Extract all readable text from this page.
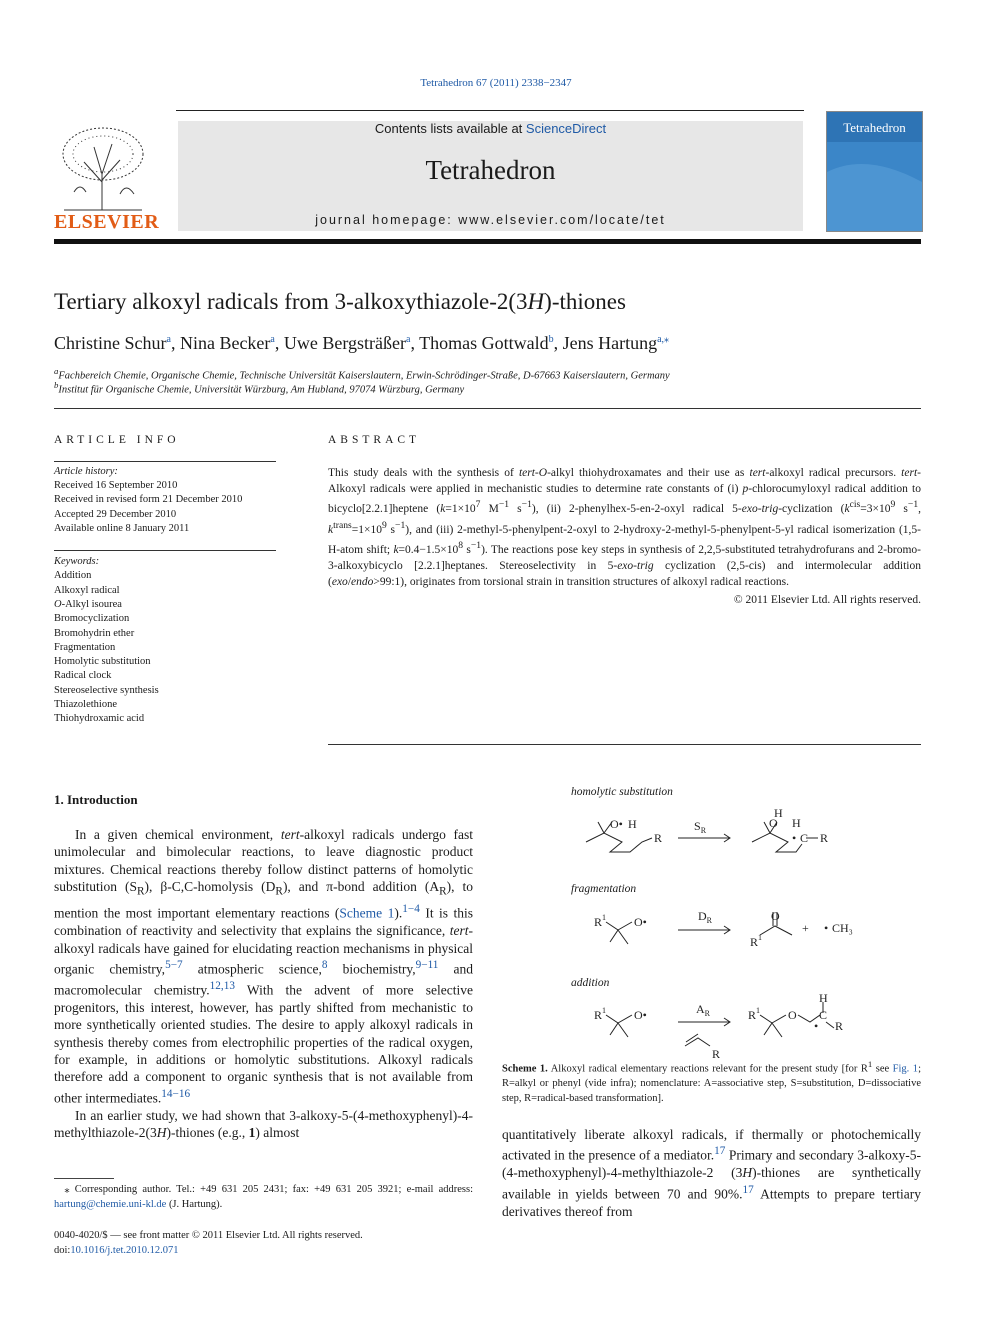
Tetrahedron 67 (2011) 2338−2347
ELSEVIER
Contents lists available at ScienceDirect
Tetrahedron
journal homepage: www.elsevier.com/locate/tet
Tetrahedron
Tertiary alkoxyl radicals from 3-alkoxythiazole-2(3H)-thiones
Christine Schur$^a$, Nina Becker$^a$, Uwe Bergsträßer$^a$, Thomas Gottwald$^b$, Jens Hartung$^{a,⁎}$
$^a$Fachbereich Chemie, Organische Chemie, Technische Universität Kaiserslautern, Erwin-Schrödinger-Straße, D-67663 Kaiserslautern, Germany
$^b$Institut für Organische Chemie, Universität Würzburg, Am Hubland, 97074 Würzburg, Germany
ARTICLE INFO
Article history:
Received 16 September 2010
Received in revised form 21 December 2010
Accepted 29 December 2010
Available online 8 January 2011
Keywords:
Addition
Alkoxyl radical
O-Alkyl isourea
Bromocyclization
Bromohydrin ether
Fragmentation
Homolytic substitution
Radical clock
Stereoselective synthesis
Thiazolethione
Thiohydroxamic acid
ABSTRACT
This study deals with the synthesis of tert-O-alkyl thiohydroxamates and their use as tert-alkoxyl radical precursors. tert-Alkoxyl radicals were applied in mechanistic studies to determine rate constants of (i) p-chlorocumyloxyl radical addition to bicyclo[2.2.1]heptene ($k=1\times 10^7$ $M^{-1}$ $s^{-1}$), (ii) 2-phenylhex-5-en-2-oxyl radical 5-exo-trig-cyclization ($k^{cis}=3\times 10^9$ $s^{-1}$, $k^{trans}=1\times 10^9$ $s^{-1}$), and (iii) 2-methyl-5-phenylpent-2-oxyl to 2-hydroxy-2-methyl-5-phenylpent-5-yl radical isomerization (1,5-H-atom shift; $k=0.4-1.5\times 10^8$ $s^{-1}$). The reactions pose key steps in synthesis of 2,2,5-substituted tetrahydrofurans and 2-bromo-3-alkoxybicyclo [2.2.1]heptanes. Stereoselectivity in 5-exo-trig cyclization (2,5-cis) and intermolecular addition (exo/endo>99:1), originates from torsional strain in transition structures of alkoxyl radical reactions.
© 2011 Elsevier Ltd. All rights reserved.
1. Introduction

In a given chemical environment, tert-alkoxyl radicals undergo fast unimolecular and bimolecular reactions, to leave diagnostic product mixtures. Chemical reactions thereby follow distinct patterns of homolytic substitution $(S_R)$, β-C,C-homolysis $(D_R)$, and π-bond addition $(A_R)$, to mention the most important elementary reactions (Scheme 1).$^{1-4}$ It is this combination of reactivity and selectivity that explains the significance, tert-alkoxyl radicals have gained for elucidating reaction mechanisms in physical organic chemistry,$^{5-7}$ atmospheric science,$^8$ biochemistry,$^{9-11}$ and macromolecular chemistry.$^{12,13}$ With the advent of more selective progenitors, this interest, however, has partly shifted from mechanistic to more synthetically oriented studies. The desire to apply alkoxyl radicals in synthesis thereby comes from electrophilic properties of the radical oxygen, for example, in additions or homolytic substitutions. Alkoxyl radicals therefore add a component to organic synthesis that is not available from other intermediates.$^{14-16}$

In an earlier study, we had shown that 3-alkoxy-5-(4-methoxyphenyl)-4-methylthiazole-2(3H)-thiones (e.g., 1) almost

homolytic substitution
fragmentation
addition
O• H
R
$S_R$
H
O H
• C R
R 1 O•	$D_R$	O
R 1
+ • CH₃
R 1 O•	$A_R$
R
R 1 O
H
C
• R
Scheme 1. Alkoxyl radical elementary reactions relevant for the present study [for $R^1$ see Fig. 1; R=alkyl or phenyl (vide infra); nomenclature: A=associative step, S=substitution, D=dissociative step, R=radical-based transformation].

quantitatively liberate alkoxyl radicals, if thermally or photochemically activated in the presence of a mediator.$^{17}$ Primary and secondary 3-alkoxy-5-(4-methoxyphenyl)-4-methylthiazole-2 (3H)-thiones are synthetically available in yields between 70 and 90%.$^{17}$ Attempts to prepare tertiary derivatives thereof from

⁎ Corresponding author. Tel.: +49 631 205 2431; fax: +49 631 205 3921; e-mail address: hartung@chemie.uni-kl.de (J. Hartung).
0040-4020/$ — see front matter © 2011 Elsevier Ltd. All rights reserved.
doi:10.1016/j.tet.2010.12.071
